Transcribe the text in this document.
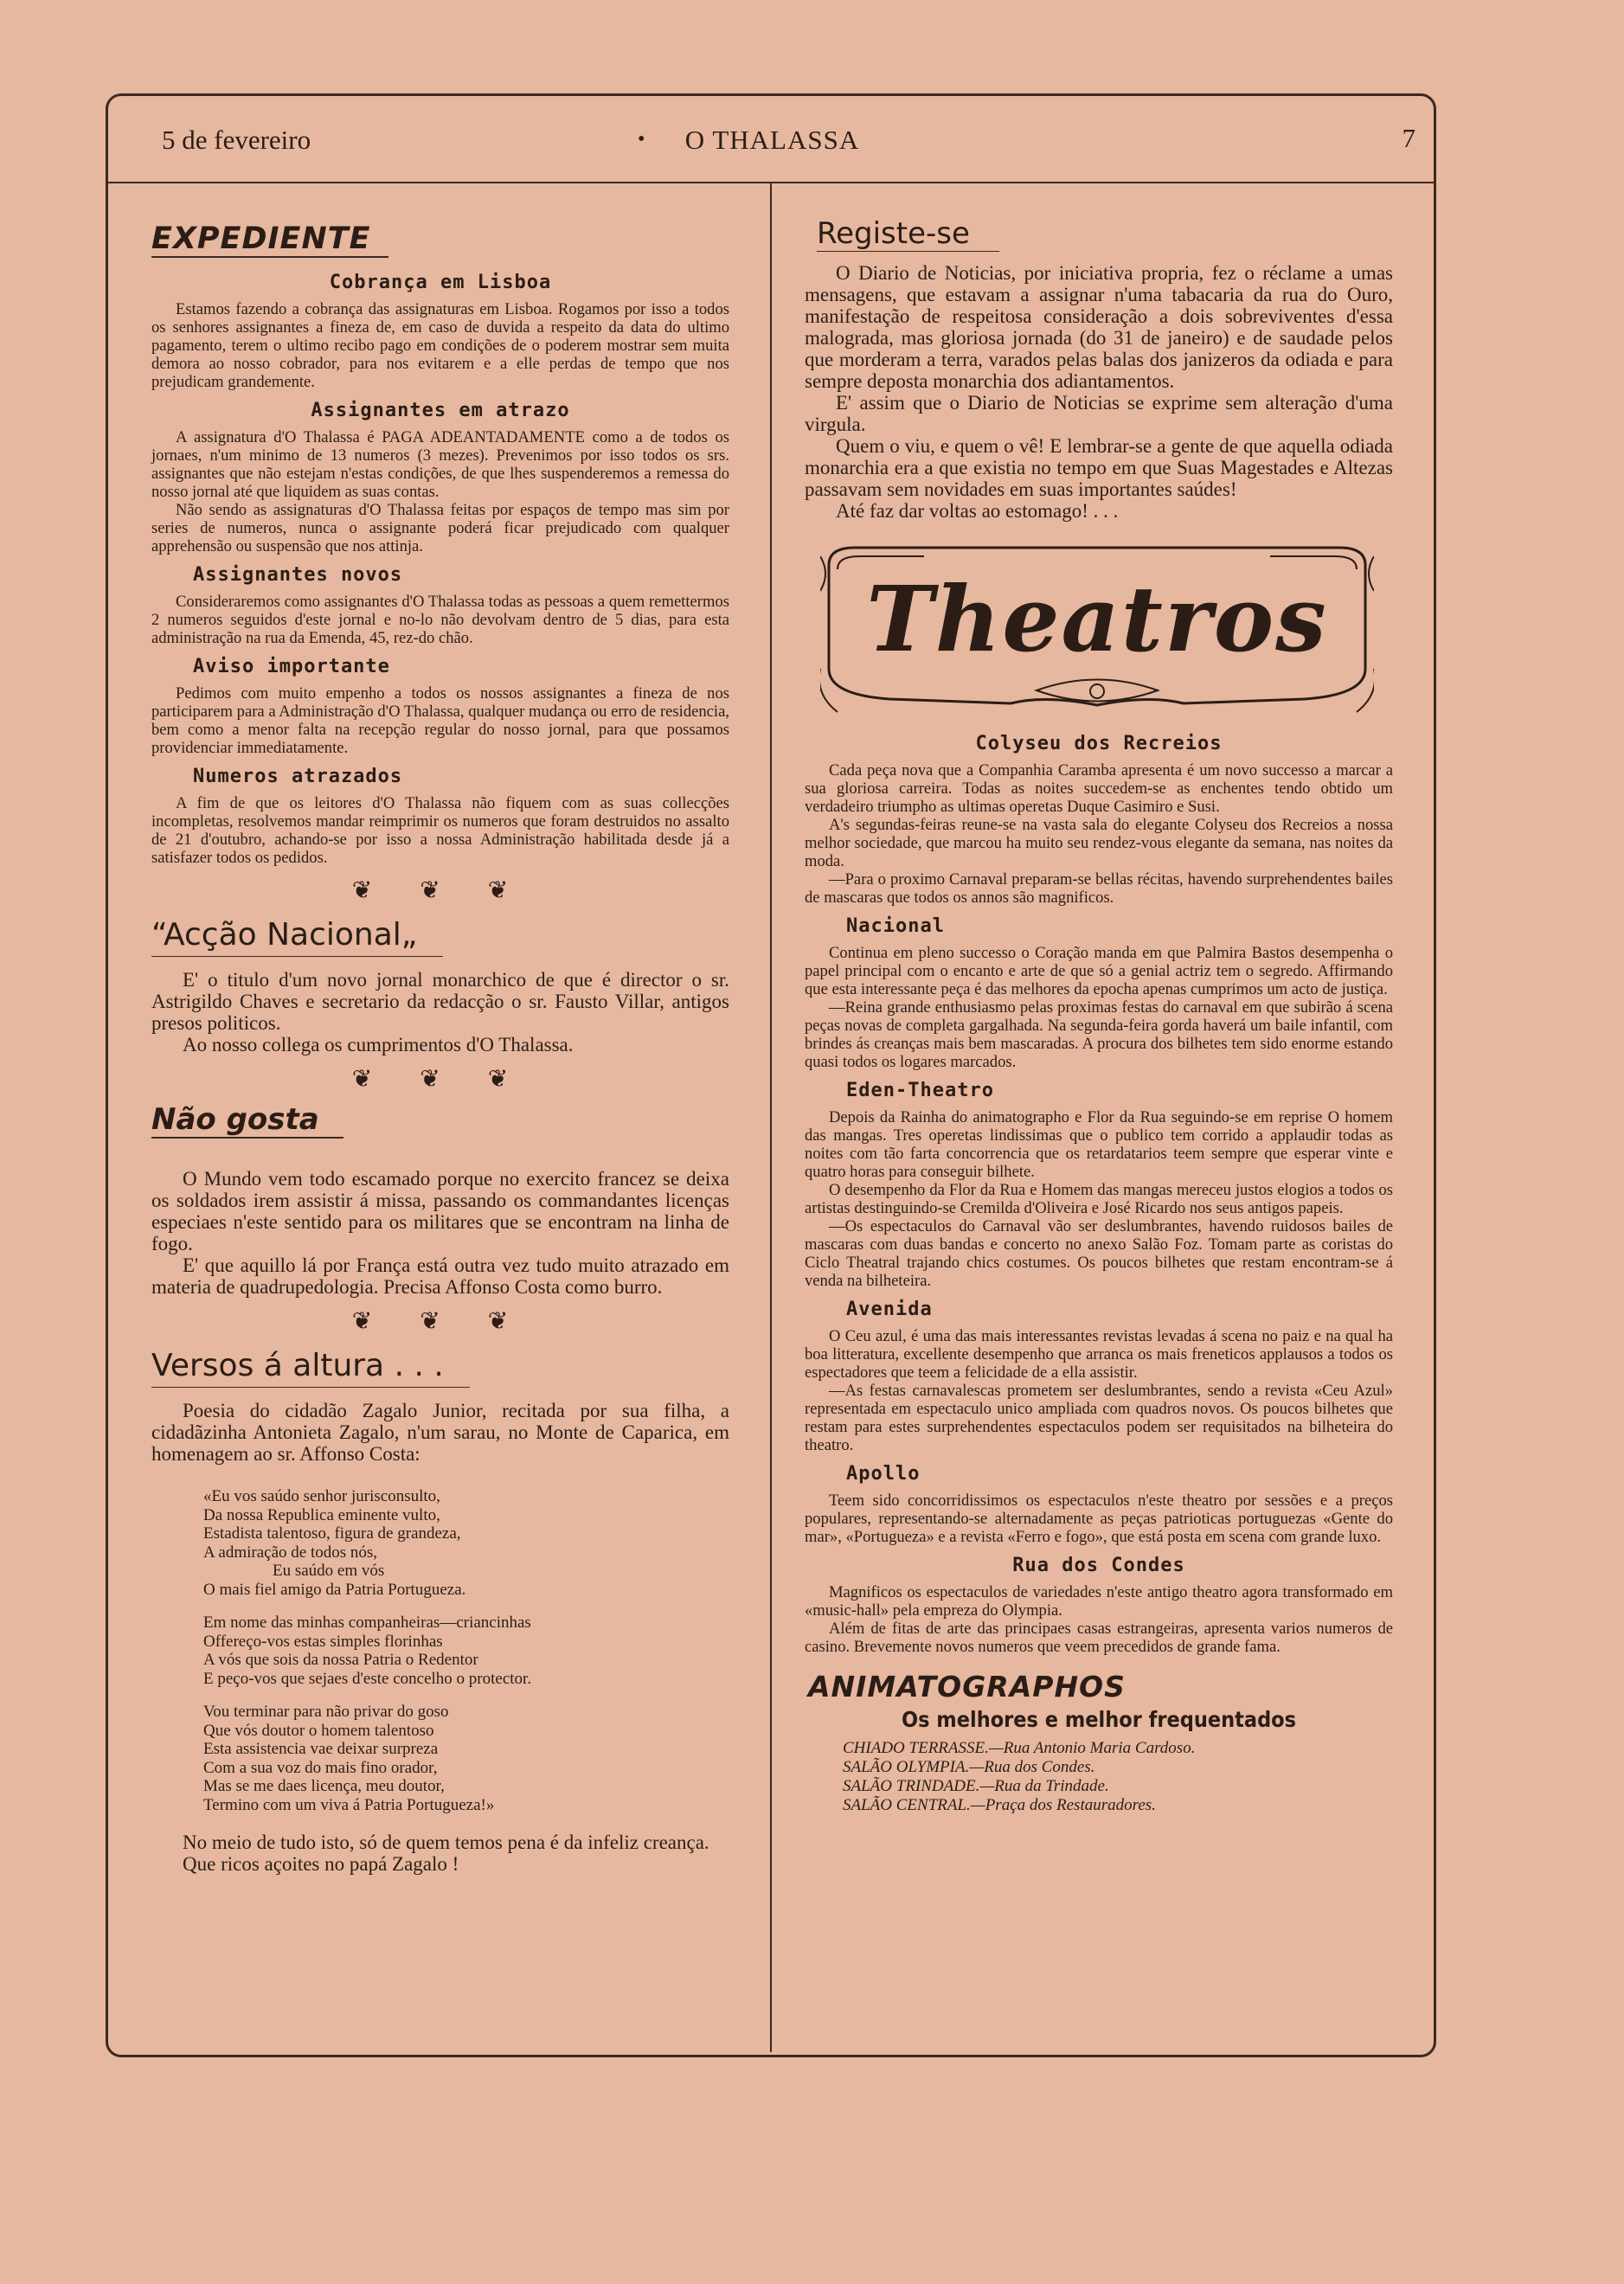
5 de fevereiro	•	O THALASSA	7
EXPEDIENTE
Cobrança em Lisboa

Estamos fazendo a cobrança das assignaturas em Lisboa. Rogamos por isso a todos os senhores assignantes a fineza de, em caso de duvida a respeito da data do ultimo pagamento, terem o ultimo recibo pago em condições de o poderem mostrar sem muita demora ao nosso cobrador, para nos evitarem e a elle perdas de tempo que nos prejudicam grandemente.

Assignantes em atrazo

A assignatura d'O Thalassa é PAGA ADEANTADAMENTE como a de todos os jornaes, n'um minimo de 13 numeros (3 mezes). Prevenimos por isso todos os srs. assignantes que não estejam n'estas condições, de que lhes suspenderemos a remessa do nosso jornal até que liquidem as suas contas.

Não sendo as assignaturas d'O Thalassa feitas por espaços de tempo mas sim por series de numeros, nunca o assignante poderá ficar prejudicado com qualquer apprehensão ou suspensão que nos attinja.

Assignantes novos

Consideraremos como assignantes d'O Thalassa todas as pessoas a quem remettermos 2 numeros seguidos d'este jornal e no-lo não devolvam dentro de 5 dias, para esta administração na rua da Emenda, 45, rez-do chão.

Aviso importante

Pedimos com muito empenho a todos os nossos assignantes a fineza de nos participarem para a Administração d'O Thalassa, qualquer mudança ou erro de residencia, bem como a menor falta na recepção regular do nosso jornal, para que possamos providenciar immediatamente.

Numeros atrazados

A fim de que os leitores d'O Thalassa não fiquem com as suas collecções incompletas, resolvemos mandar reimprimir os numeros que foram destruidos no assalto de 21 d'outubro, achando-se por isso a nossa Administração habilitada desde já a satisfazer todos os pedidos.

❦ ❦ ❦
“Acção Nacional„

E' o titulo d'um novo jornal monarchico de que é director o sr. Astrigildo Chaves e secretario da redacção o sr. Fausto Villar, antigos presos politicos.

Ao nosso collega os cumprimentos d'O Thalassa.

❦ ❦ ❦
Não gosta

O Mundo vem todo escamado porque no exercito francez se deixa os soldados irem assistir á missa, passando os commandantes licenças especiaes n'este sentido para os militares que se encontram na linha de fogo.

E' que aquillo lá por França está outra vez tudo muito atrazado em materia de quadrupedologia. Precisa Affonso Costa como burro.

❦ ❦ ❦
Versos á altura . . .

Poesia do cidadão Zagalo Junior, recitada por sua filha, a cidadãzinha Antonieta Zagalo, n'um sarau, no Monte de Caparica, em homenagem ao sr. Affonso Costa:

«Eu vos saúdo senhor jurisconsulto,
Da nossa Republica eminente vulto,
Estadista talentoso, figura de grandeza,
A admiração de todos nós,
Eu saúdo em vós
O mais fiel amigo da Patria Portugueza.
Em nome das minhas companheiras—criancinhas
Offereço-vos estas simples florinhas
A vós que sois da nossa Patria o Redentor
E peço-vos que sejaes d'este concelho o protector.
Vou terminar para não privar do goso
Que vós doutor o homem talentoso
Esta assistencia vae deixar surpreza
Com a sua voz do mais fino orador,
Mas se me daes licença, meu doutor,
Termino com um viva á Patria Portugueza!»

No meio de tudo isto, só de quem temos pena é da infeliz creança.

Que ricos açoites no papá Zagalo !

Registe-se

O Diario de Noticias, por iniciativa propria, fez o réclame a umas mensagens, que estavam a assignar n'uma tabacaria da rua do Ouro, manifestação de respeitosa consideração a dois sobreviventes d'essa malograda, mas gloriosa jornada (do 31 de janeiro) e de saudade pelos que morderam a terra, varados pelas balas dos janizeros da odiada e para sempre deposta monarchia dos adiantamentos.

E' assim que o Diario de Noticias se exprime sem alteração d'uma virgula.

Quem o viu, e quem o vê! E lembrar-se a gente de que aquella odiada monarchia era a que existia no tempo em que Suas Magestades e Altezas passavam sem novidades em suas importantes saúdes!

Até faz dar voltas ao estomago! . . .

Theatros
Colyseu dos Recreios

Cada peça nova que a Companhia Caramba apresenta é um novo successo a marcar a sua gloriosa carreira. Todas as noites succedem-se as enchentes tendo obtido um verdadeiro triumpho as ultimas operetas Duque Casimiro e Susi.

A's segundas-feiras reune-se na vasta sala do elegante Colyseu dos Recreios a nossa melhor sociedade, que marcou ha muito seu rendez-vous elegante da semana, nas noites da moda.

—Para o proximo Carnaval preparam-se bellas récitas, havendo surprehendentes bailes de mascaras que todos os annos são magnificos.

Nacional

Continua em pleno successo o Coração manda em que Palmira Bastos desempenha o papel principal com o encanto e arte de que só a genial actriz tem o segredo. Affirmando que esta interessante peça é das melhores da epocha apenas cumprimos um acto de justiça.

—Reina grande enthusiasmo pelas proximas festas do carnaval em que subirão á scena peças novas de completa gargalhada. Na segunda-feira gorda haverá um baile infantil, com brindes ás creanças mais bem mascaradas. A procura dos bilhetes tem sido enorme estando quasi todos os logares marcados.

Eden-Theatro

Depois da Rainha do animatographo e Flor da Rua seguindo-se em reprise O homem das mangas. Tres operetas lindissimas que o publico tem corrido a applaudir todas as noites com tão farta concorrencia que os retardatarios teem sempre que esperar vinte e quatro horas para conseguir bilhete.

O desempenho da Flor da Rua e Homem das mangas mereceu justos elogios a todos os artistas destinguindo-se Cremilda d'Oliveira e José Ricardo nos seus antigos papeis.

—Os espectaculos do Carnaval vão ser deslumbrantes, havendo ruidosos bailes de mascaras com duas bandas e concerto no anexo Salão Foz. Tomam parte as coristas do Ciclo Theatral trajando chics costumes. Os poucos bilhetes que restam encontram-se á venda na bilheteira.

Avenida

O Ceu azul, é uma das mais interessantes revistas levadas á scena no paiz e na qual ha boa litteratura, excellente desempenho que arranca os mais freneticos applausos a todos os espectadores que teem a felicidade de a ella assistir.

—As festas carnavalescas prometem ser deslumbrantes, sendo a revista «Ceu Azul» representada em espectaculo unico ampliada com quadros novos. Os poucos bilhetes que restam para estes surprehendentes espectaculos podem ser requisitados na bilheteira do theatro.

Apollo

Teem sido concorridissimos os espectaculos n'este theatro por sessões e a preços populares, representando-se alternadamente as peças patrioticas portuguezas «Gente do mar», «Portugueza» e a revista «Ferro e fogo», que está posta em scena com grande luxo.

Rua dos Condes

Magnificos os espectaculos de variedades n'este antigo theatro agora transformado em «music-hall» pela empreza do Olympia.

Além de fitas de arte das principaes casas estrangeiras, apresenta varios numeros de casino. Brevemente novos numeros que veem precedidos de grande fama.

ANIMATOGRAPHOS
Os melhores e melhor frequentados
CHIADO TERRASSE.—Rua Antonio Maria Cardoso.
SALÃO OLYMPIA.—Rua dos Condes.
SALÃO TRINDADE.—Rua da Trindade.
SALÃO CENTRAL.—Praça dos Restauradores.
